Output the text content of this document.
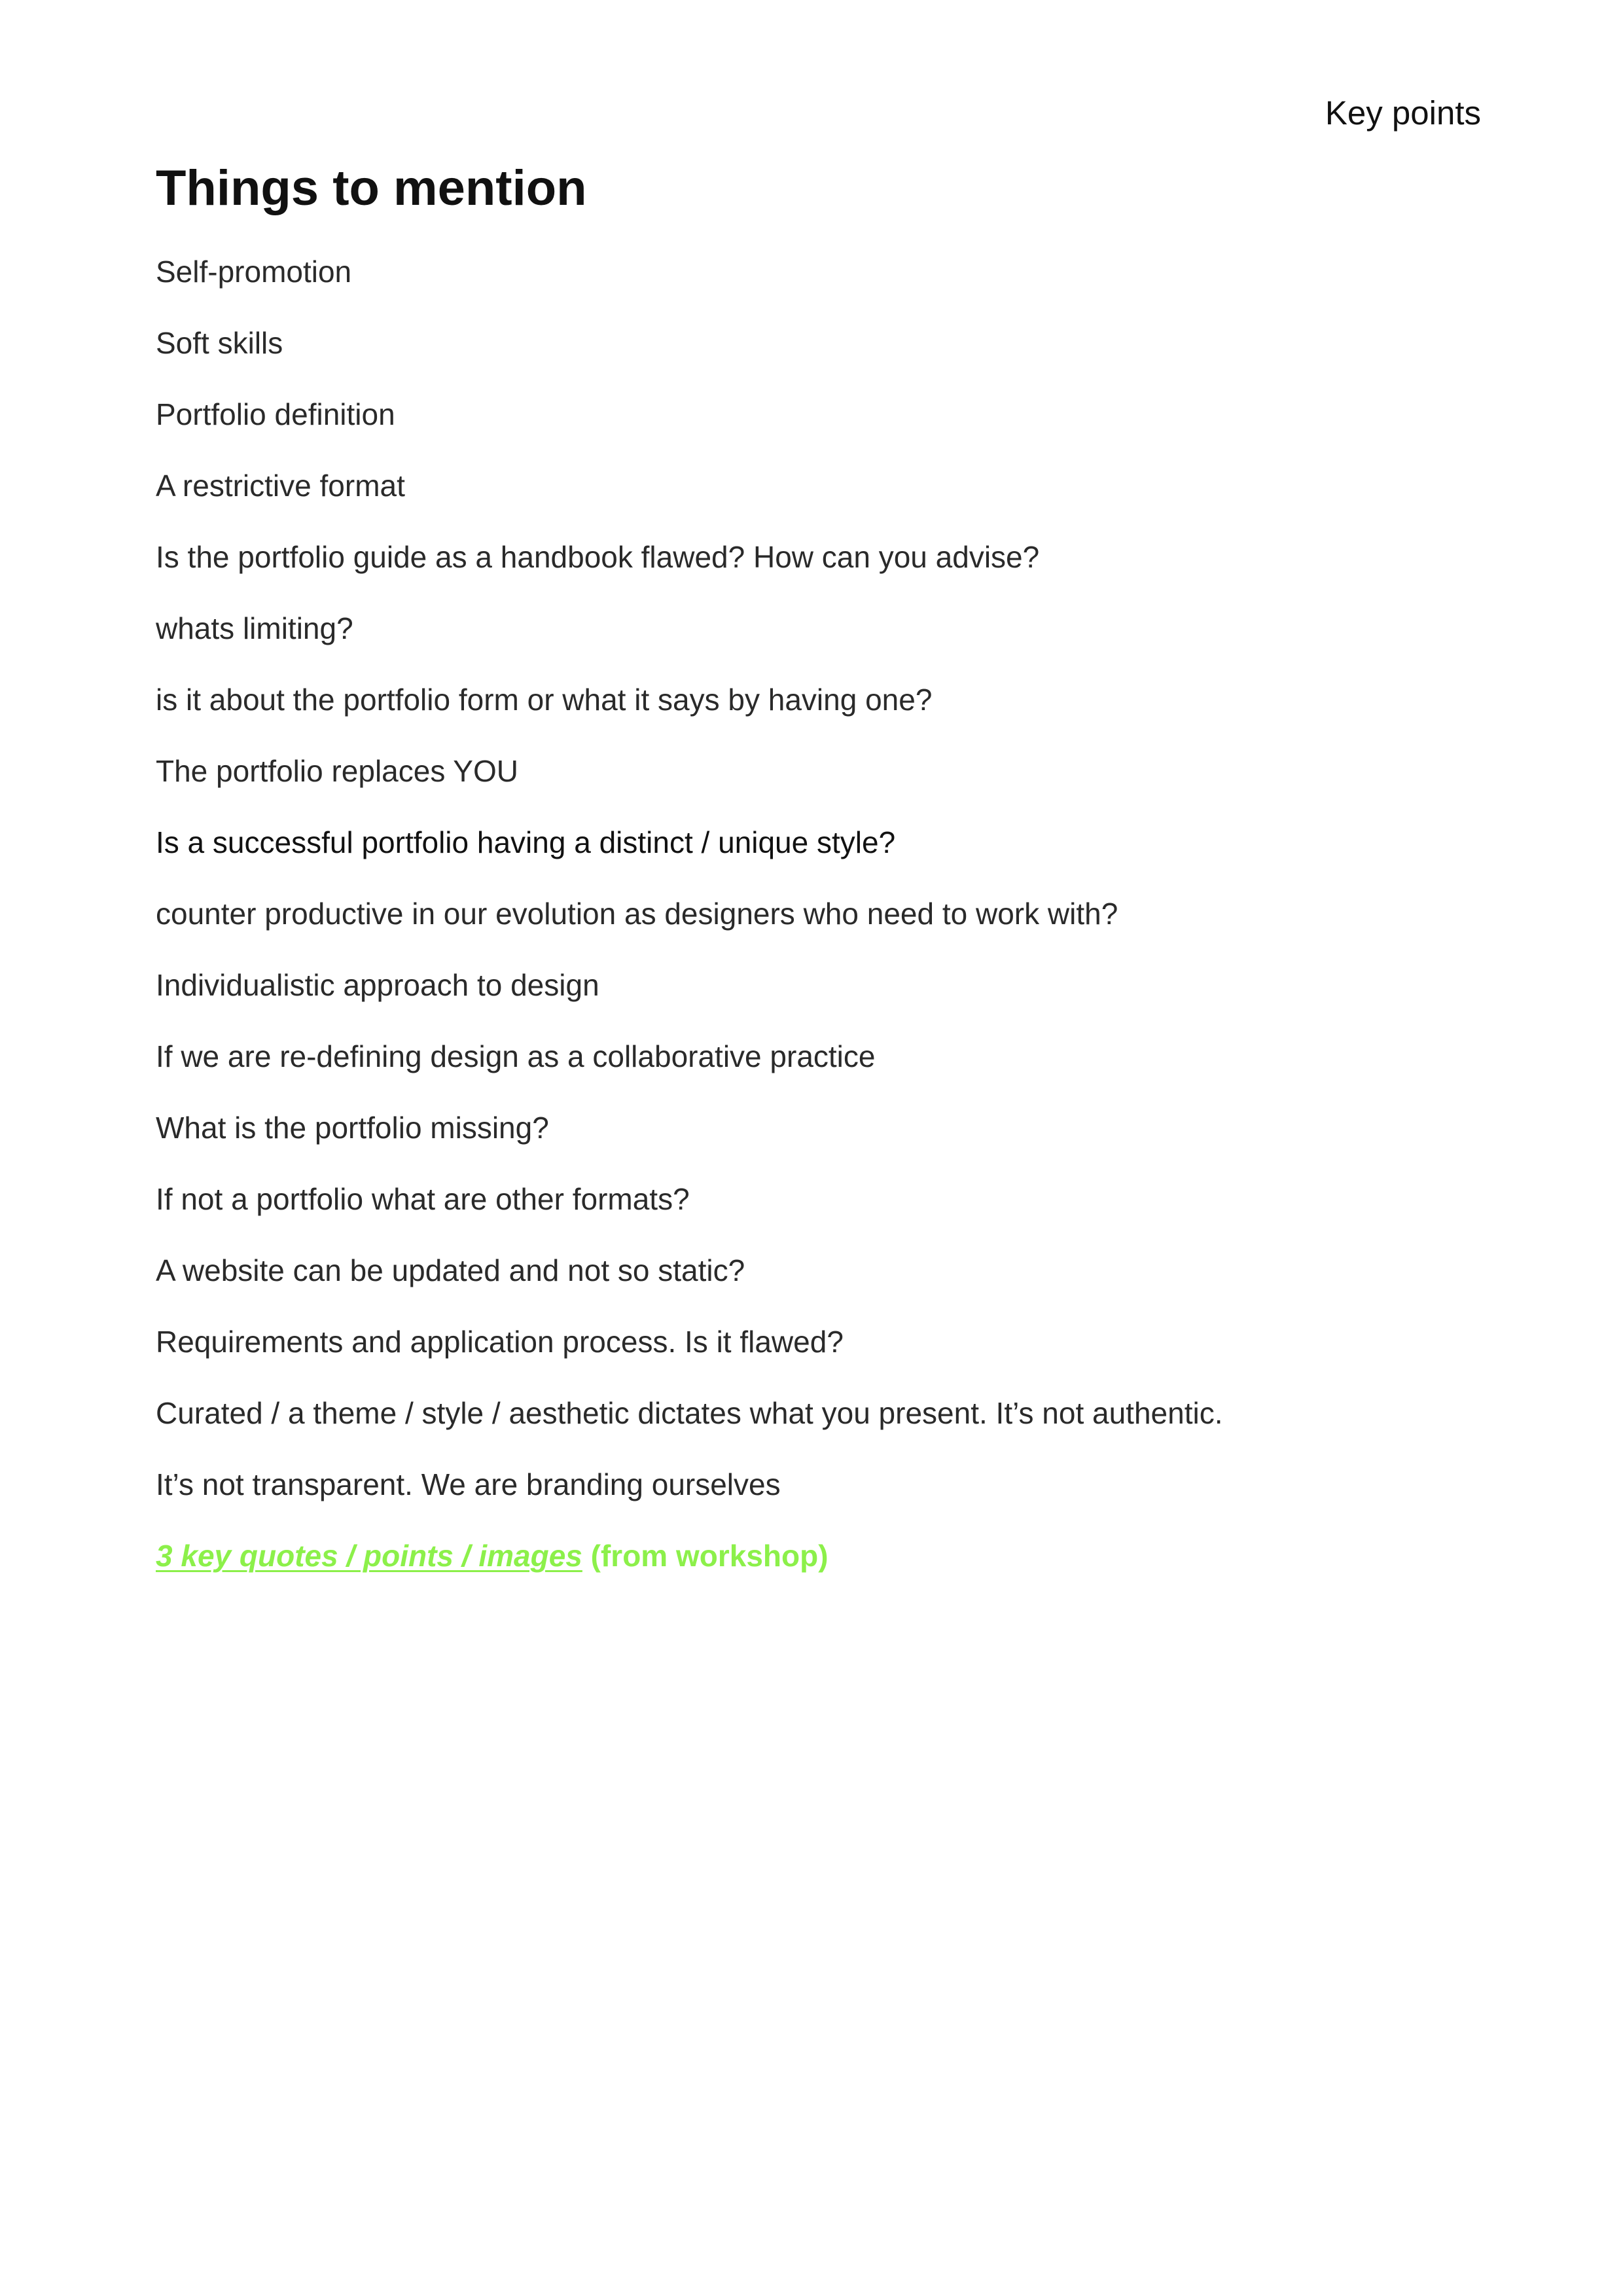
Key points
Things to mention
Self-promotion
Soft skills
Portfolio definition
A restrictive format
Is the portfolio guide as a handbook flawed? How can you advise?
whats limiting?
is it about the portfolio form or what it says by having one?
The portfolio replaces YOU
Is a successful portfolio having a distinct / unique style?
counter productive in our evolution as designers who need to work with?
Individualistic approach to design
If we are re-defining design as a collaborative practice
What is the portfolio missing?
If not a portfolio what are other formats?
A website can be updated and not so static?
Requirements and application process. Is it flawed?
Curated / a theme / style / aesthetic dictates what you present. It’s not authentic.
It’s not transparent. We are branding ourselves
3 key quotes / points / images (from workshop)
